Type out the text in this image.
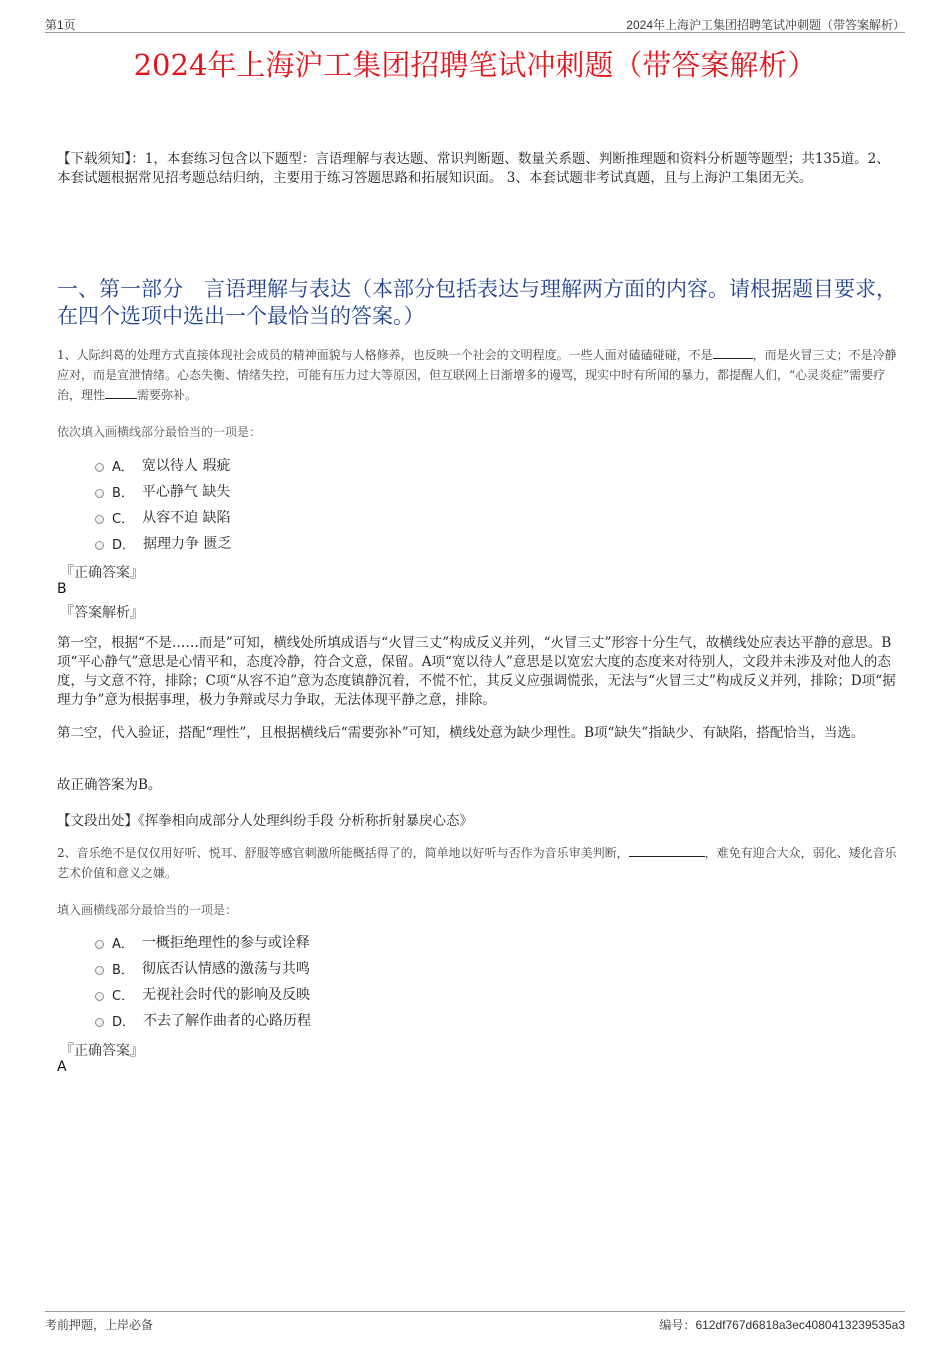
第1页	2024年上海沪工集团招聘笔试冲刺题（带答案解析）
2024年上海沪工集团招聘笔试冲刺题（带答案解析）
【下载须知】：1，本套练习包含以下题型：言语理解与表达题、常识判断题、数量关系题、判断推理题和资料分析题等题型；共135道。2、本套试题根据常见招考题总结归纳，主要用于练习答题思路和拓展知识面。 3、本套试题非考试真题，且与上海沪工集团无关。
一、第一部分　言语理解与表达（本部分包括表达与理解两方面的内容。请根据题目要求，在四个选项中选出一个最恰当的答案。）
1、人际纠葛的处理方式直接体现社会成员的精神面貌与人格修养，也反映一个社会的文明程度。一些人面对磕磕碰碰，不是	，而是火冒三丈；不是冷静应对，而是宣泄情绪。心态失衡、情绪失控，可能有压力过大等原因，但互联网上日渐增多的谩骂，现实中时有所闻的暴力，都提醒人们，“心灵炎症”需要疗治，理性	需要弥补。
依次填入画横线部分最恰当的一项是：
A． 宽以待人 瑕疵
B． 平心静气 缺失
C． 从容不迫 缺陷
D． 据理力争 匮乏
『正确答案』
B
『答案解析』
第一空，根据“不是……而是”可知，横线处所填成语与“火冒三丈”构成反义并列，“火冒三丈”形容十分生气，故横线处应表达平静的意思。B项“平心静气”意思是心情平和，态度冷静，符合文意，保留。A项“宽以待人”意思是以宽宏大度的态度来对待别人，文段并未涉及对他人的态度，与文意不符，排除；C项“从容不迫”意为态度镇静沉着，不慌不忙，其反义应强调慌张，无法与“火冒三丈”构成反义并列，排除；D项“据理力争”意为根据事理，极力争辩或尽力争取，无法体现平静之意，排除。
第二空，代入验证，搭配“理性”，且根据横线后“需要弥补”可知，横线处意为缺少理性。B项“缺失”指缺少、有缺陷，搭配恰当，当选。
故正确答案为B。
【文段出处】《挥拳相向成部分人处理纠纷手段 分析称折射暴戾心态》
2、音乐绝不是仅仅用好听、悦耳、舒服等感官刺激所能概括得了的，简单地以好听与否作为音乐审美判断，	，难免有迎合大众，弱化、矮化音乐艺术价值和意义之嫌。
填入画横线部分最恰当的一项是：
A． 一概拒绝理性的参与或诠释
B． 彻底否认情感的激荡与共鸣
C． 无视社会时代的影响及反映
D． 不去了解作曲者的心路历程
『正确答案』
A
考前押题，上岸必备	编号：612df767d6818a3ec4080413239535a3
